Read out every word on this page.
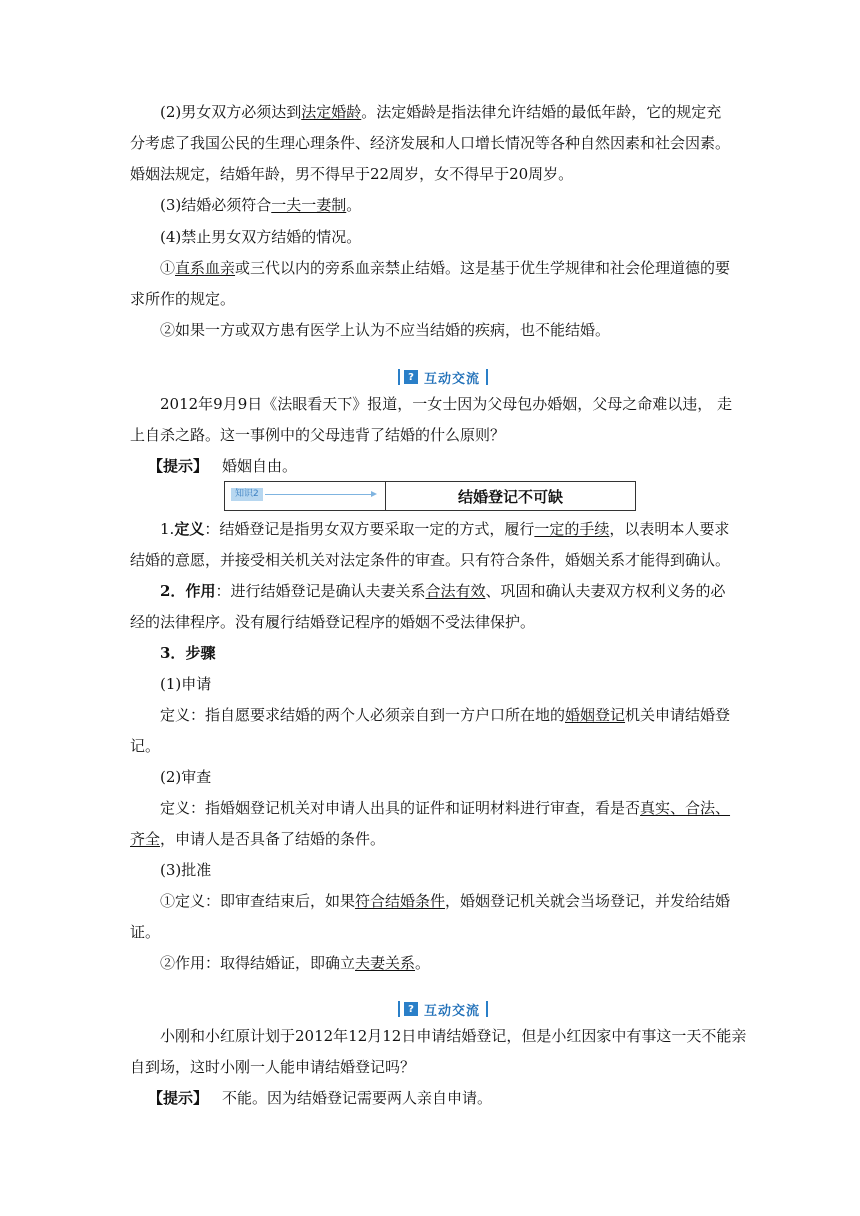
(2)男女双方必须达到法定婚龄。法定婚龄是指法律允许结婚的最低年龄，它的规定充
分考虑了我国公民的生理心理条件、经济发展和人口增长情况等各种自然因素和社会因素。
婚姻法规定，结婚年龄，男不得早于22周岁，女不得早于20周岁。
(3)结婚必须符合一夫一妻制。
(4)禁止男女双方结婚的情况。
①直系血亲或三代以内的旁系血亲禁止结婚。这是基于优生学规律和社会伦理道德的要
求所作的规定。
②如果一方或双方患有医学上认为不应当结婚的疾病，也不能结婚。
? 互动交流
2012年9月9日《法眼看天下》报道，一女士因为父母包办婚姻，父母之命难以违， 走
上自杀之路。这一事例中的父母违背了结婚的什么原则？
【提示】 婚姻自由。
知识2	结婚登记不可缺
1.定义：结婚登记是指男女双方要采取一定的方式，履行一定的手续，以表明本人要求
结婚的意愿，并接受相关机关对法定条件的审查。只有符合条件，婚姻关系才能得到确认。
2．作用：进行结婚登记是确认夫妻关系合法有效、巩固和确认夫妻双方权利义务的必
经的法律程序。没有履行结婚登记程序的婚姻不受法律保护。
3．步骤
(1)申请
定义：指自愿要求结婚的两个人必须亲自到一方户口所在地的婚姻登记机关申请结婚登
记。
(2)审查
定义：指婚姻登记机关对申请人出具的证件和证明材料进行审查，看是否真实、合法、
齐全，申请人是否具备了结婚的条件。
(3)批准
①定义：即审查结束后，如果符合结婚条件，婚姻登记机关就会当场登记，并发给结婚
证。
②作用：取得结婚证，即确立夫妻关系。
? 互动交流
小刚和小红原计划于2012年12月12日申请结婚登记，但是小红因家中有事这一天不能亲
自到场，这时小刚一人能申请结婚登记吗？
【提示】 不能。因为结婚登记需要两人亲自申请。
